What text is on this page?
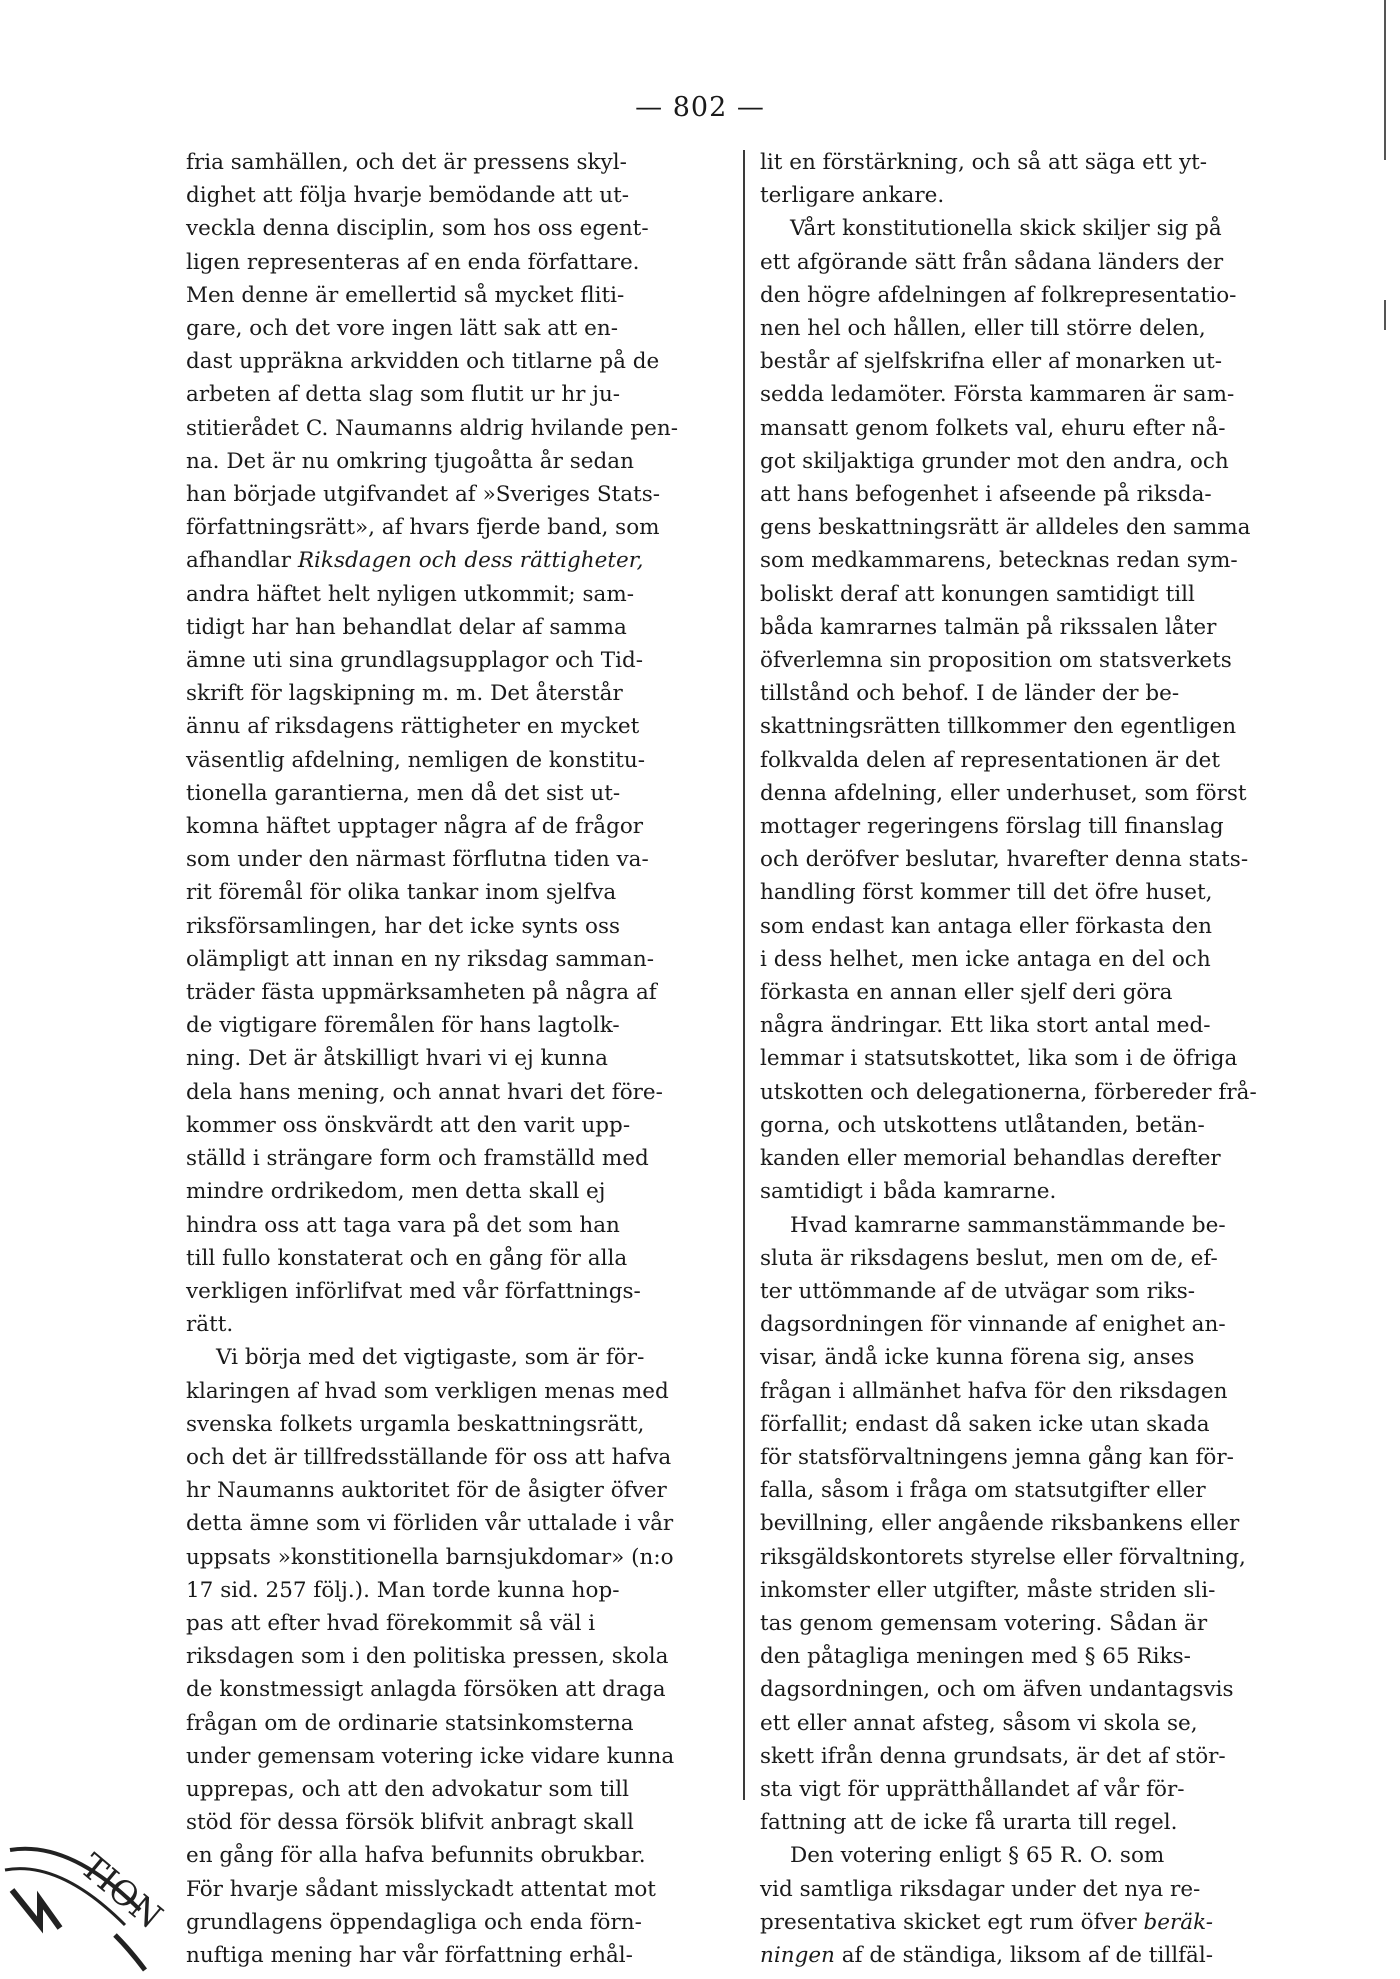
— 802 —
fria samhällen, och det är pressens skyl-
dighet att följa hvarje bemödande att ut-
veckla denna disciplin, som hos oss egent-
ligen representeras af en enda författare.
Men denne är emellertid så mycket fliti-
gare, och det vore ingen lätt sak att en-
dast uppräkna arkvidden och titlarne på de
arbeten af detta slag som flutit ur hr ju-
stitierådet C. Naumanns aldrig hvilande pen-
na. Det är nu omkring tjugoåtta år sedan
han började utgifvandet af »Sveriges Stats-
författningsrätt», af hvars fjerde band, som
afhandlar Riksdagen och dess rättigheter,
andra häftet helt nyligen utkommit; sam-
tidigt har han behandlat delar af samma
ämne uti sina grundlagsupplagor och Tid-
skrift för lagskipning m. m. Det återstår
ännu af riksdagens rättigheter en mycket
väsentlig afdelning, nemligen de konstitu-
tionella garantierna, men då det sist ut-
komna häftet upptager några af de frågor
som under den närmast förflutna tiden va-
rit föremål för olika tankar inom sjelfva
riksförsamlingen, har det icke synts oss
olämpligt att innan en ny riksdag samman-
träder fästa uppmärksamheten på några af
de vigtigare föremålen för hans lagtolk-
ning. Det är åtskilligt hvari vi ej kunna
dela hans mening, och annat hvari det före-
kommer oss önskvärdt att den varit upp-
ställd i strängare form och framställd med
mindre ordrikedom, men detta skall ej
hindra oss att taga vara på det som han
till fullo konstaterat och en gång för alla
verkligen införlifvat med vår författnings-
rätt.
Vi börja med det vigtigaste, som är för-
klaringen af hvad som verkligen menas med
svenska folkets urgamla beskattningsrätt,
och det är tillfredsställande för oss att hafva
hr Naumanns auktoritet för de åsigter öfver
detta ämne som vi förliden vår uttalade i vår
uppsats »konstitionella barnsjukdomar» (n:o
17 sid. 257 följ.). Man torde kunna hop-
pas att efter hvad förekommit så väl i
riksdagen som i den politiska pressen, skola
de konstmessigt anlagda försöken att draga
frågan om de ordinarie statsinkomsterna
under gemensam votering icke vidare kunna
upprepas, och att den advokatur som till
stöd för dessa försök blifvit anbragt skall
en gång för alla hafva befunnits obrukbar.
För hvarje sådant misslyckadt attentat mot
grundlagens öppendagliga och enda förn-
nuftiga mening har vår författning erhål-
lit en förstärkning, och så att säga ett yt-
terligare ankare.
Vårt konstitutionella skick skiljer sig på
ett afgörande sätt från sådana länders der
den högre afdelningen af folkrepresentatio-
nen hel och hållen, eller till större delen,
består af sjelfskrifna eller af monarken ut-
sedda ledamöter. Första kammaren är sam-
mansatt genom folkets val, ehuru efter nå-
got skiljaktiga grunder mot den andra, och
att hans befogenhet i afseende på riksda-
gens beskattningsrätt är alldeles den samma
som medkammarens, betecknas redan sym-
boliskt deraf att konungen samtidigt till
båda kamrarnes talmän på rikssalen låter
öfverlemna sin proposition om statsverkets
tillstånd och behof. I de länder der be-
skattningsrätten tillkommer den egentligen
folkvalda delen af representationen är det
denna afdelning, eller underhuset, som först
mottager regeringens förslag till finanslag
och deröfver beslutar, hvarefter denna stats-
handling först kommer till det öfre huset,
som endast kan antaga eller förkasta den
i dess helhet, men icke antaga en del och
förkasta en annan eller sjelf deri göra
några ändringar. Ett lika stort antal med-
lemmar i statsutskottet, lika som i de öfriga
utskotten och delegationerna, förbereder frå-
gorna, och utskottens utlåtanden, betän-
kanden eller memorial behandlas derefter
samtidigt i båda kamrarne.
Hvad kamrarne sammanstämmande be-
sluta är riksdagens beslut, men om de, ef-
ter uttömmande af de utvägar som riks-
dagsordningen för vinnande af enighet an-
visar, ändå icke kunna förena sig, anses
frågan i allmänhet hafva för den riksdagen
förfallit; endast då saken icke utan skada
för statsförvaltningens jemna gång kan för-
falla, såsom i fråga om statsutgifter eller
bevillning, eller angående riksbankens eller
riksgäldskontorets styrelse eller förvaltning,
inkomster eller utgifter, måste striden sli-
tas genom gemensam votering. Sådan är
den påtagliga meningen med § 65 Riks-
dagsordningen, och om äfven undantagsvis
ett eller annat afsteg, såsom vi skola se,
skett ifrån denna grundsats, är det af stör-
sta vigt för upprätthållandet af vår för-
fattning att de icke få urarta till regel.
Den votering enligt § 65 R. O. som
vid samtliga riksdagar under det nya re-
presentativa skicket egt rum öfver beräk-
ningen af de ständiga, liksom af de tillfäl-
TION
